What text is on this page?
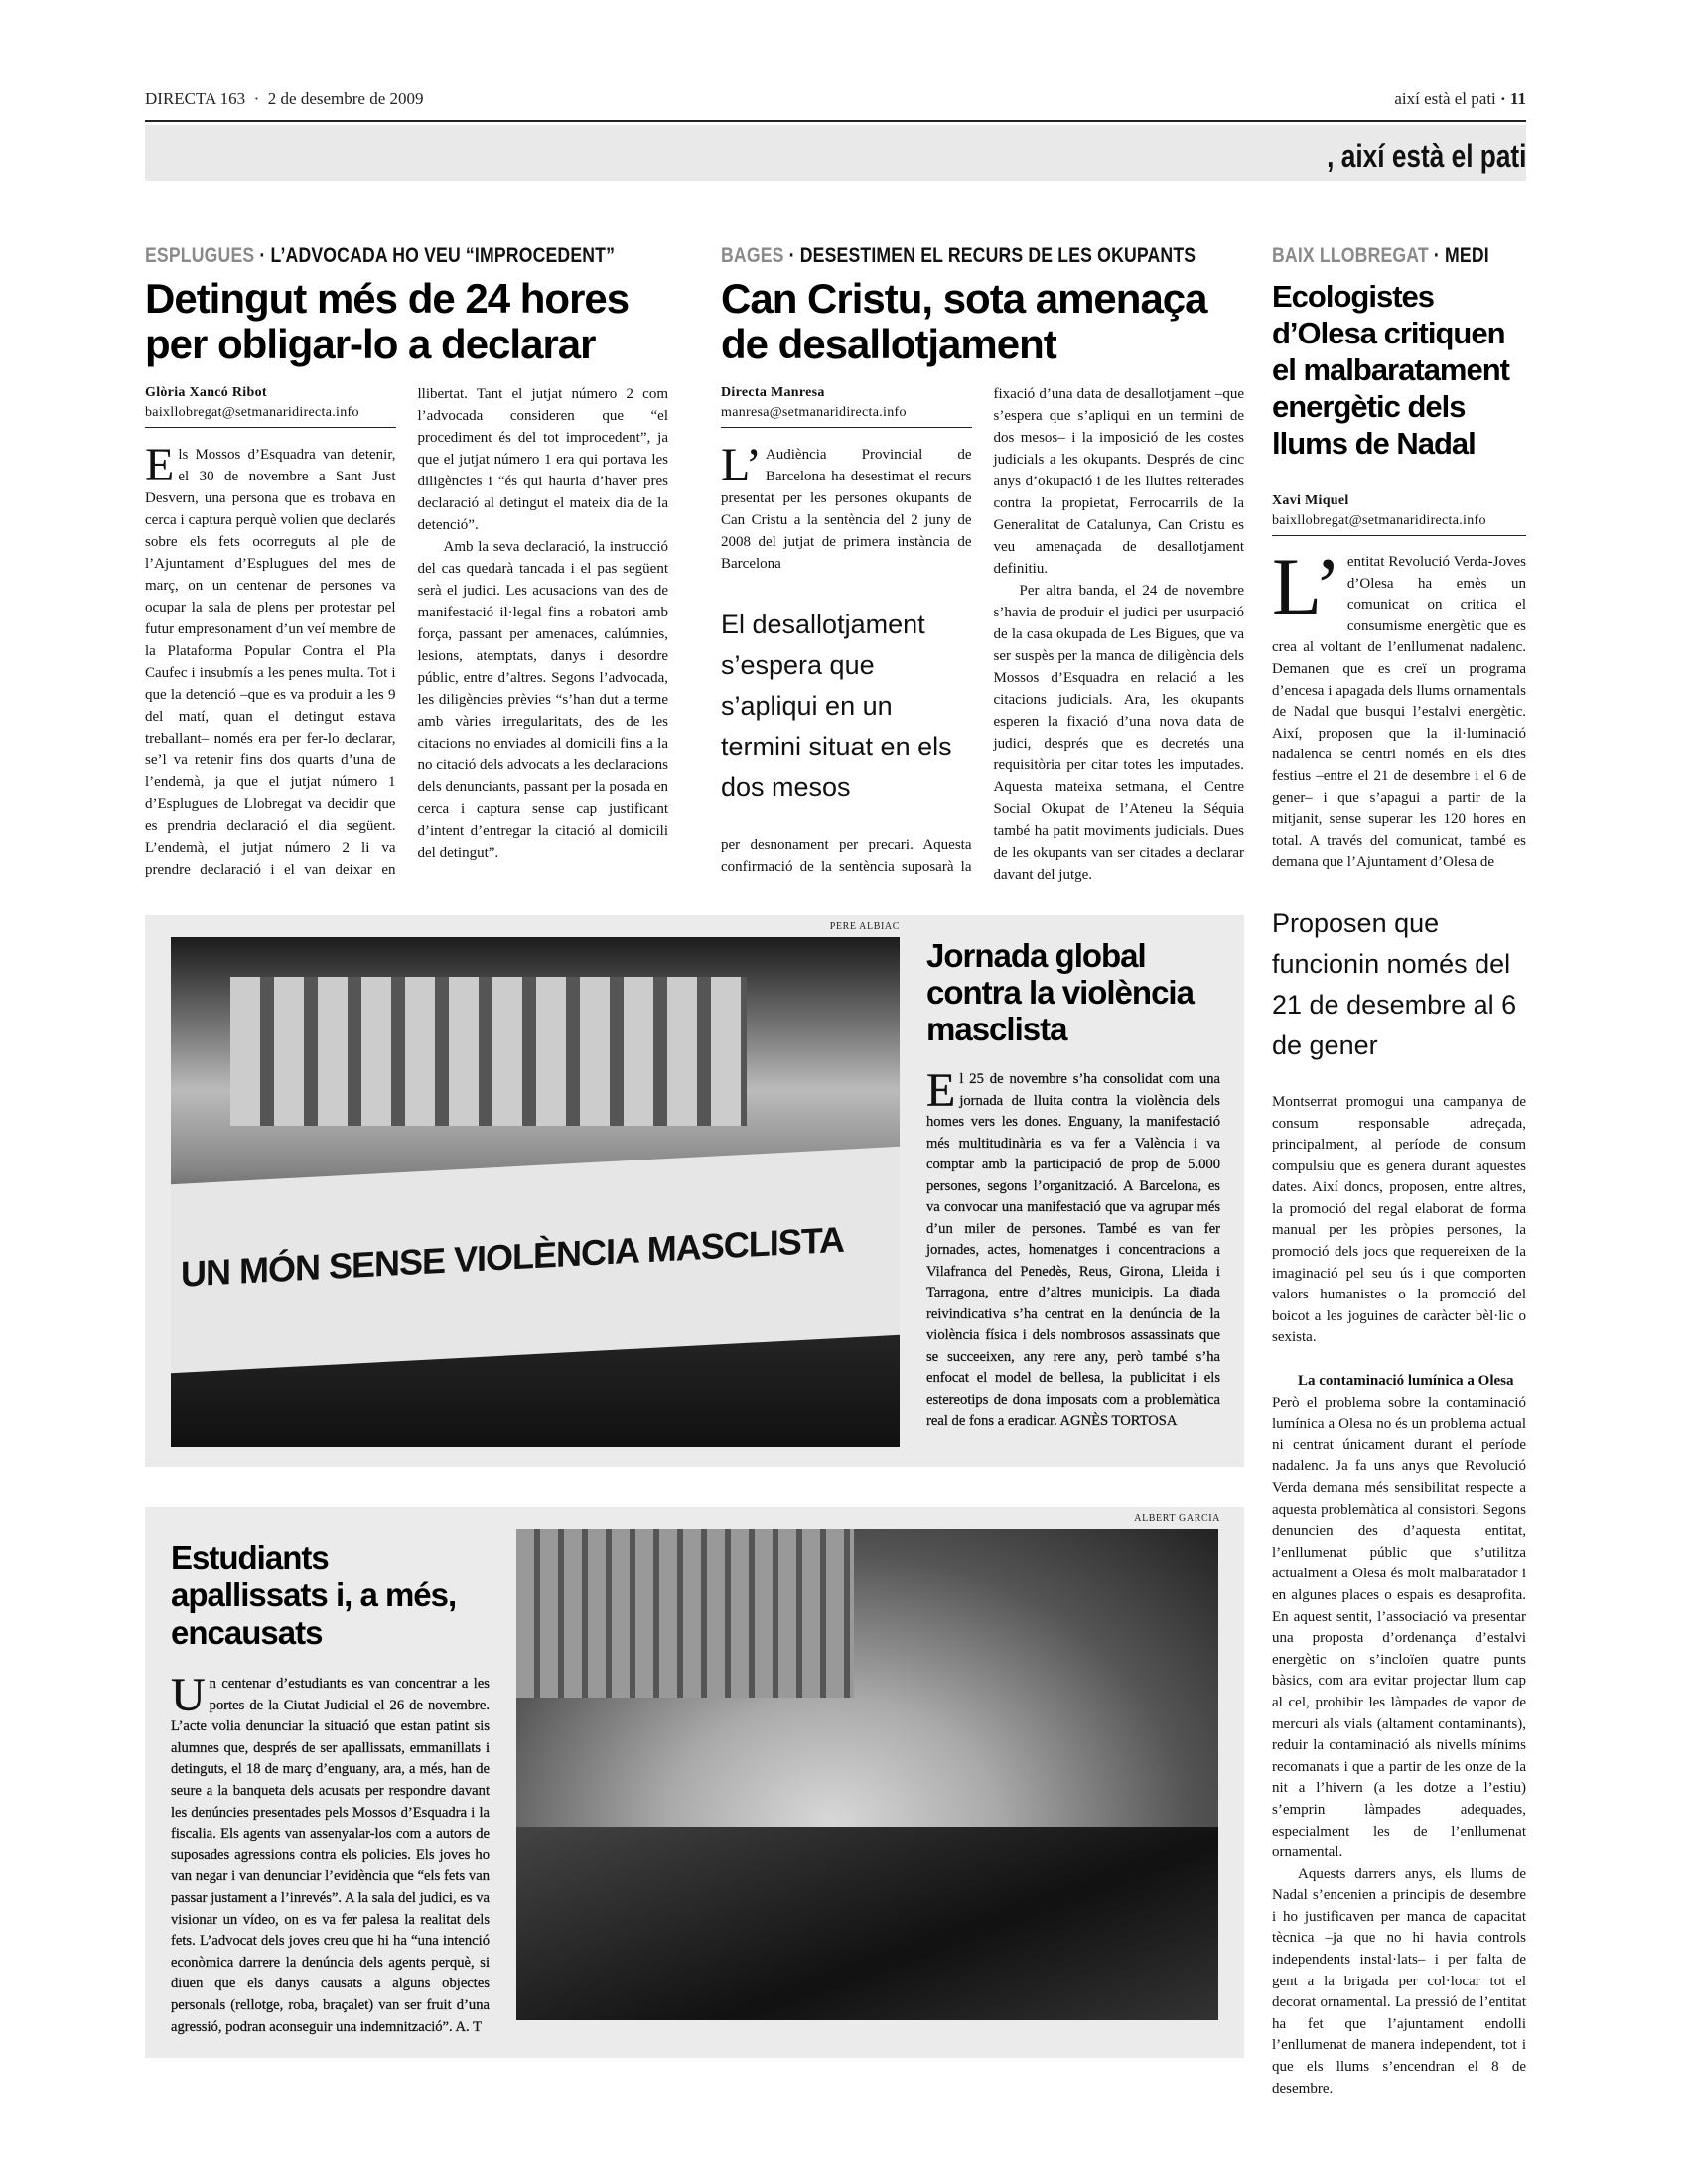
DIRECTA 163 · 2 de desembre de 2009	així està el pati · 11
, així està el pati
ESPLUGUES · L’ADVOCADA HO VEU “IMPROCEDENT”
Detingut més de 24 hores per obligar-lo a declarar
Glòria Xancó Ribot
baixllobregat@setmanaridirecta.info

Els Mossos d’Esquadra van detenir, el 30 de novembre a Sant Just Desvern, una persona que es trobava en cerca i captura perquè volien que declarés sobre els fets ocorreguts al ple de l’Ajuntament d’Esplugues del mes de març, on un centenar de persones va ocupar la sala de plens per protestar pel futur empresonament d’un veí membre de la Plataforma Popular Contra el Pla Caufec i insubmís a les penes multa. Tot i que la detenció –que es va produir a les 9 del matí, quan el detingut estava treballant– només era per fer-lo declarar, se’l va retenir fins dos quarts d’una de l’endemà, ja que el jutjat número 1 d’Esplugues de Llobregat va decidir que es prendria declaració el dia següent. L’endemà, el jutjat número 2 li va prendre declaració i el van deixar en llibertat. Tant el jutjat número 2 com l’advocada consideren que “el procediment és del tot improcedent”, ja que el jutjat número 1 era qui portava les diligències i “és qui hauria d’haver pres declaració al detingut el mateix dia de la detenció”.

Amb la seva declaració, la instrucció del cas quedarà tancada i el pas següent serà el judici. Les acusacions van des de manifestació il·legal fins a robatori amb força, passant per amenaces, calúmnies, lesions, atemptats, danys i desordre públic, entre d’altres. Segons l’advocada, les diligències prèvies “s’han dut a terme amb vàries irregularitats, des de les citacions no enviades al domicili fins a la no citació dels advocats a les declaracions dels denunciants, passant per la posada en cerca i captura sense cap justificant d’intent d’entregar la citació al domicili del detingut”.

BAGES · DESESTIMEN EL RECURS DE LES OKUPANTS
Can Cristu, sota amenaça de desallotjament
Directa Manresa
manresa@setmanaridirecta.info

L’ Audiència Provincial de Barcelona ha desestimat el recurs presentat per les persones okupants de Can Cristu a la sentència del 2 juny de 2008 del jutjat de primera instància de Barcelona

El desallotjament s’espera que s’apliqui en un termini situat en els dos mesos

per desnonament per precari. Aquesta confirmació de la sentència suposarà la fixació d’una data de desallotjament –que s’espera que s’apliqui en un termini de dos mesos– i la imposició de les costes judicials a les okupants. Després de cinc anys d’okupació i de les lluites reiterades contra la propietat, Ferrocarrils de la Generalitat de Catalunya, Can Cristu es veu amenaçada de desallotjament definitiu.

Per altra banda, el 24 de novembre s’havia de produir el judici per usurpació de la casa okupada de Les Bigues, que va ser suspès per la manca de diligència dels Mossos d’Esquadra en relació a les citacions judicials. Ara, les okupants esperen la fixació d’una nova data de judici, després que es decretés una requisitòria per citar totes les imputades. Aquesta mateixa setmana, el Centre Social Okupat de l’Ateneu la Séquia també ha patit moviments judicials. Dues de les okupants van ser citades a declarar davant del jutge.

PERE ALBIAC
UN MÓN SENSE VIOLÈNCIA MASCLISTA
Jornada global contra la violència masclista

El 25 de novembre s’ha consolidat com una jornada de lluita contra la violència dels homes vers les dones. Enguany, la manifestació més multitudinària es va fer a València i va comptar amb la participació de prop de 5.000 persones, segons l’organització. A Barcelona, es va convocar una manifestació que va agrupar més d’un miler de persones. També es van fer jornades, actes, homenatges i concentracions a Vilafranca del Penedès, Reus, Girona, Lleida i Tarragona, entre d’altres municipis. La diada reivindicativa s’ha centrat en la denúncia de la violència física i dels nombrosos assassinats que se succeeixen, any rere any, però també s’ha enfocat el model de bellesa, la publicitat i els estereotips de dona imposats com a problemàtica real de fons a eradicar. AGNÈS TORTOSA

ALBERT GARCIA
Estudiants apallissats i, a més, encausats

Un centenar d’estudiants es van concentrar a les portes de la Ciutat Judicial el 26 de novembre. L’acte volia denunciar la situació que estan patint sis alumnes que, després de ser apallissats, emmanillats i detinguts, el 18 de març d’enguany, ara, a més, han de seure a la banqueta dels acusats per respondre davant les denúncies presentades pels Mossos d’Esquadra i la fiscalia. Els agents van assenyalar-los com a autors de suposades agressions contra els policies. Els joves ho van negar i van denunciar l’evidència que “els fets van passar justament a l’inrevés”. A la sala del judici, es va visionar un vídeo, on es va fer palesa la realitat dels fets. L’advocat dels joves creu que hi ha “una intenció econòmica darrere la denúncia dels agents perquè, si diuen que els danys causats a alguns objectes personals (rellotge, roba, braçalet) van ser fruit d’una agressió, podran aconseguir una indemnització”. A. T

BAIX LLOBREGAT · MEDI
Ecologistes d’Olesa critiquen el malbaratament energètic dels llums de Nadal
Xavi Miquel
baixllobregat@setmanaridirecta.info

L’ entitat Revolució Verda-Joves d’Olesa ha emès un comunicat on critica el consumisme energètic que es crea al voltant de l’enllumenat nadalenc. Demanen que es creï un programa d’encesa i apagada dels llums ornamentals de Nadal que busqui l’estalvi energètic. Així, proposen que la il·luminació nadalenca se centri només en els dies festius –entre el 21 de desembre i el 6 de gener– i que s’apagui a partir de la mitjanit, sense superar les 120 hores en total. A través del comunicat, també es demana que l’Ajuntament d’Olesa de

Proposen que funcionin només del 21 de desembre al 6 de gener

Montserrat promogui una campanya de consum responsable adreçada, principalment, al període de consum compulsiu que es genera durant aquestes dates. Així doncs, proposen, entre altres, la promoció del regal elaborat de forma manual per les pròpies persones, la promoció dels jocs que requereixen de la imaginació pel seu ús i que comporten valors humanistes o la promoció del boicot a les joguines de caràcter bèl·lic o sexista.

La contaminació lumínica a Olesa

Però el problema sobre la contaminació lumínica a Olesa no és un problema actual ni centrat únicament durant el període nadalenc. Ja fa uns anys que Revolució Verda demana més sensibilitat respecte a aquesta problemàtica al consistori. Segons denuncien des d’aquesta entitat, l’enllumenat públic que s’utilitza actualment a Olesa és molt malbaratador i en algunes places o espais es desaprofita. En aquest sentit, l’associació va presentar una proposta d’ordenança d’estalvi energètic on s’incloïen quatre punts bàsics, com ara evitar projectar llum cap al cel, prohibir les làmpades de vapor de mercuri als vials (altament contaminants), reduir la contaminació als nivells mínims recomanats i que a partir de les onze de la nit a l’hivern (a les dotze a l’estiu) s’emprin làmpades adequades, especialment les de l’enllumenat ornamental.

Aquests darrers anys, els llums de Nadal s’encenien a principis de desembre i ho justificaven per manca de capacitat tècnica –ja que no hi havia controls independents instal·lats– i per falta de gent a la brigada per col·locar tot el decorat ornamental. La pressió de l’entitat ha fet que l’ajuntament endolli l’enllumenat de manera independent, tot i que els llums s’encendran el 8 de desembre.
